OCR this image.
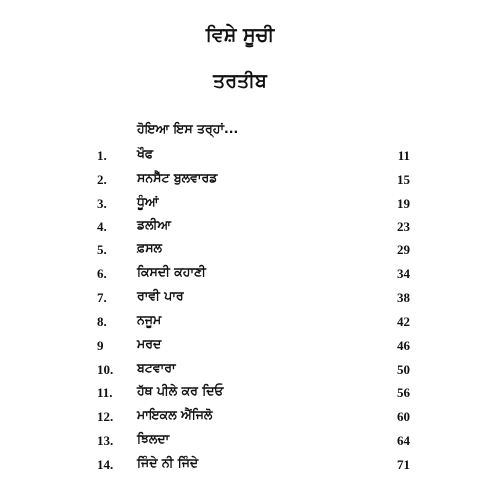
ਵਿਸ਼ੇ ਸੂਚੀ
ਤਰਤੀਬ
ਹੋਇਆ ਇਸ ਤਰ੍ਹਾਂ...
1.	ਖੌਫ	11
2.	ਸਨਸੈੱਟ ਬੁਲਵਾਰਡ	15
3.	ਧੂੰਆਂ	19
4.	ਡਲੀਆ	23
5.	ਫ਼ਸਲ	29
6.	ਕਿਸਦੀ ਕਹਾਣੀ	34
7.	ਰਾਵੀ ਪਾਰ	38
8.	ਨਜੂਮ	42
9	ਮਰਦ	46
10.	ਬਟਵਾਰਾ	50
11.	ਹੱਥ ਪੀਲੇ ਕਰ ਦਿਓ	56
12.	ਮਾਇਕਲ ਐਂਜਿਲੋ	60
13.	ਝਿਲਦਾ	64
14.	ਜਿੰਦੇ ਨੀ ਜਿੰਦੇ	71
